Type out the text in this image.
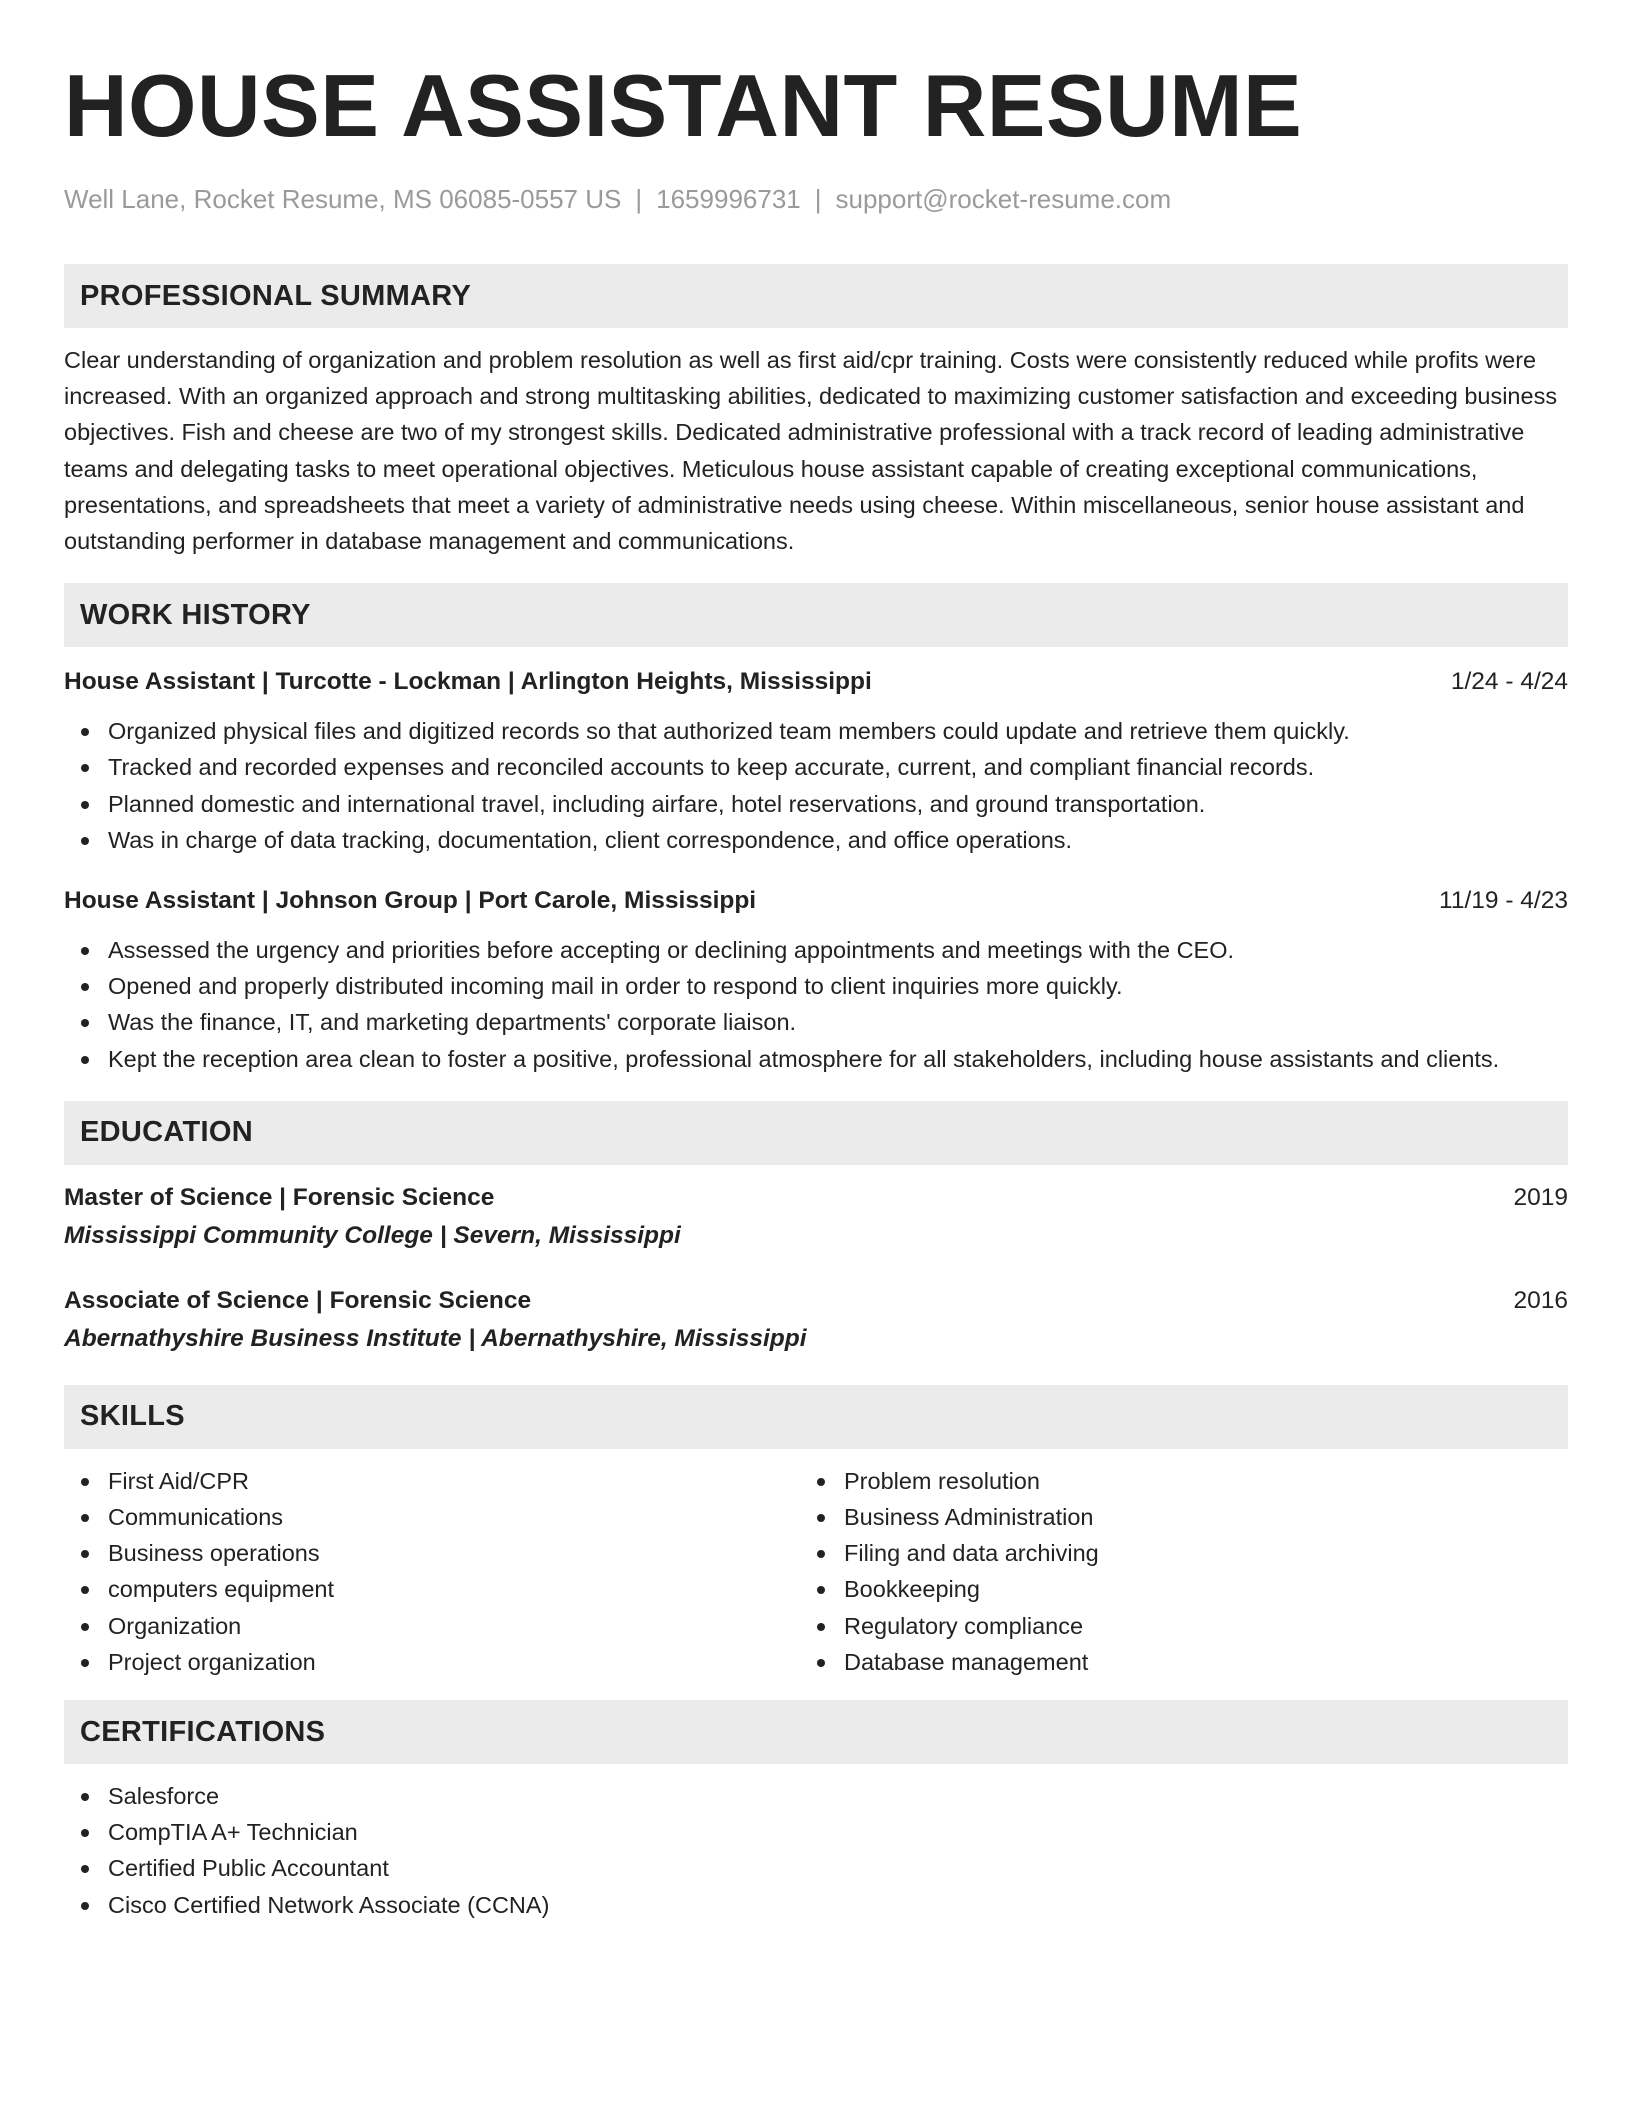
HOUSE ASSISTANT RESUME
Well Lane, Rocket Resume, MS 06085-0557 US | 1659996731 | support@rocket-resume.com
PROFESSIONAL SUMMARY
Clear understanding of organization and problem resolution as well as first aid/cpr training. Costs were consistently reduced while profits were increased. With an organized approach and strong multitasking abilities, dedicated to maximizing customer satisfaction and exceeding business objectives. Fish and cheese are two of my strongest skills. Dedicated administrative professional with a track record of leading administrative teams and delegating tasks to meet operational objectives. Meticulous house assistant capable of creating exceptional communications, presentations, and spreadsheets that meet a variety of administrative needs using cheese. Within miscellaneous, senior house assistant and outstanding performer in database management and communications.
WORK HISTORY
House Assistant | Turcotte - Lockman | Arlington Heights, Mississippi	1/24 - 4/24
Organized physical files and digitized records so that authorized team members could update and retrieve them quickly.
Tracked and recorded expenses and reconciled accounts to keep accurate, current, and compliant financial records.
Planned domestic and international travel, including airfare, hotel reservations, and ground transportation.
Was in charge of data tracking, documentation, client correspondence, and office operations.
House Assistant | Johnson Group | Port Carole, Mississippi	11/19 - 4/23
Assessed the urgency and priorities before accepting or declining appointments and meetings with the CEO.
Opened and properly distributed incoming mail in order to respond to client inquiries more quickly.
Was the finance, IT, and marketing departments' corporate liaison.
Kept the reception area clean to foster a positive, professional atmosphere for all stakeholders, including house assistants and clients.
EDUCATION
Master of Science | Forensic Science	2019
Mississippi Community College | Severn, Mississippi
Associate of Science | Forensic Science	2016
Abernathyshire Business Institute | Abernathyshire, Mississippi
SKILLS
First Aid/CPR
Communications
Business operations
computers equipment
Organization
Project organization
Problem resolution
Business Administration
Filing and data archiving
Bookkeeping
Regulatory compliance
Database management
CERTIFICATIONS
Salesforce
CompTIA A+ Technician
Certified Public Accountant
Cisco Certified Network Associate (CCNA)
